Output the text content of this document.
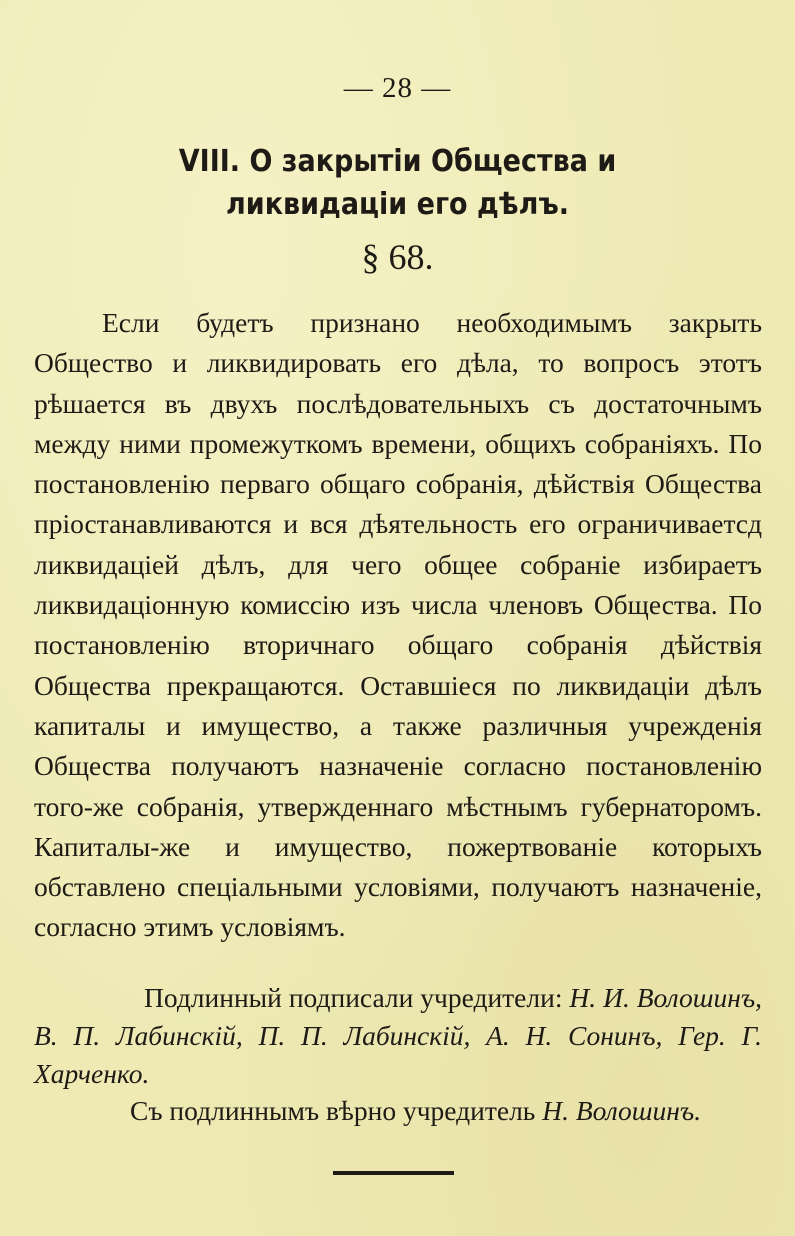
— 28 —
VIII. О закрытіи Общества и ликвидаціи его дѣлъ.
§ 68.

Если будетъ признано необходимымъ закрыть Общество и ликвидировать его дѣла, то вопросъ этотъ рѣшается въ двухъ послѣдовательныхъ съ достаточнымъ между ними промежуткомъ времени, общихъ собраніяхъ. По постановленію перваго общаго собранія, дѣйствія Общества пріостанавливаются и вся дѣятельность его ограничиваетсд ликвидаціей дѣлъ, для чего общее собраніе избираетъ ликвидаціонную комиссію изъ числа членовъ Общества. По постановленію вторичнаго общаго собранія дѣйствія Общества прекращаются. Оставшіеся по ликвидаціи дѣлъ капиталы и имущество, а также различныя учрежденія Общества получаютъ назначеніе согласно постановленію того-же собранія, утвержденнаго мѣстнымъ губернаторомъ. Капиталы-же и имущество, пожертвованіе которыхъ обставлено спеціальными условіями, получаютъ назначеніе, согласно этимъ условіямъ.

Подлинный подписали учредители: Н. И. Волошинъ, В. П. Лабинскій, П. П. Лабинскій, А. Н. Сонинъ, Гер. Г. Харченко.

Съ подлиннымъ вѣрно учредитель Н. Волошинъ.
